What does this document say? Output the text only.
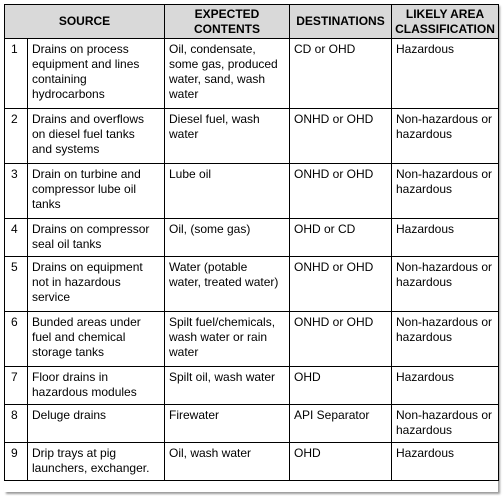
SOURCE		EXPECTED
CONTENTS	DESTINATIONS	LIKELY AREA
CLASSIFICATION
1	Drains on process
equipment and lines
containing
hydrocarbons	Oil, condensate,
some gas, produced
water, sand, wash
water	CD or OHD	Hazardous
2	Drains and overflows
on diesel fuel tanks
and systems	Diesel fuel, wash
water	ONHD or OHD	Non-hazardous or
hazardous
3	Drain on turbine and
compressor lube oil
tanks	Lube oil	ONHD or OHD	Non-hazardous or
hazardous
4	Drains on compressor
seal oil tanks	Oil, (some gas)	OHD or CD	Hazardous
5	Drains on equipment
not in hazardous
service	Water (potable
water, treated water)	ONHD or OHD	Non-hazardous or
hazardous
6	Bunded areas under
fuel and chemical
storage tanks	Spilt fuel/chemicals,
wash water or rain
water	ONHD or OHD	Non-hazardous or
hazardous
7	Floor drains in
hazardous modules	Spilt oil, wash water	OHD	Hazardous
8	Deluge drains	Firewater	API Separator	Non-hazardous or
hazardous
9	Drip trays at pig
launchers, exchanger.	Oil, wash water	OHD	Hazardous
